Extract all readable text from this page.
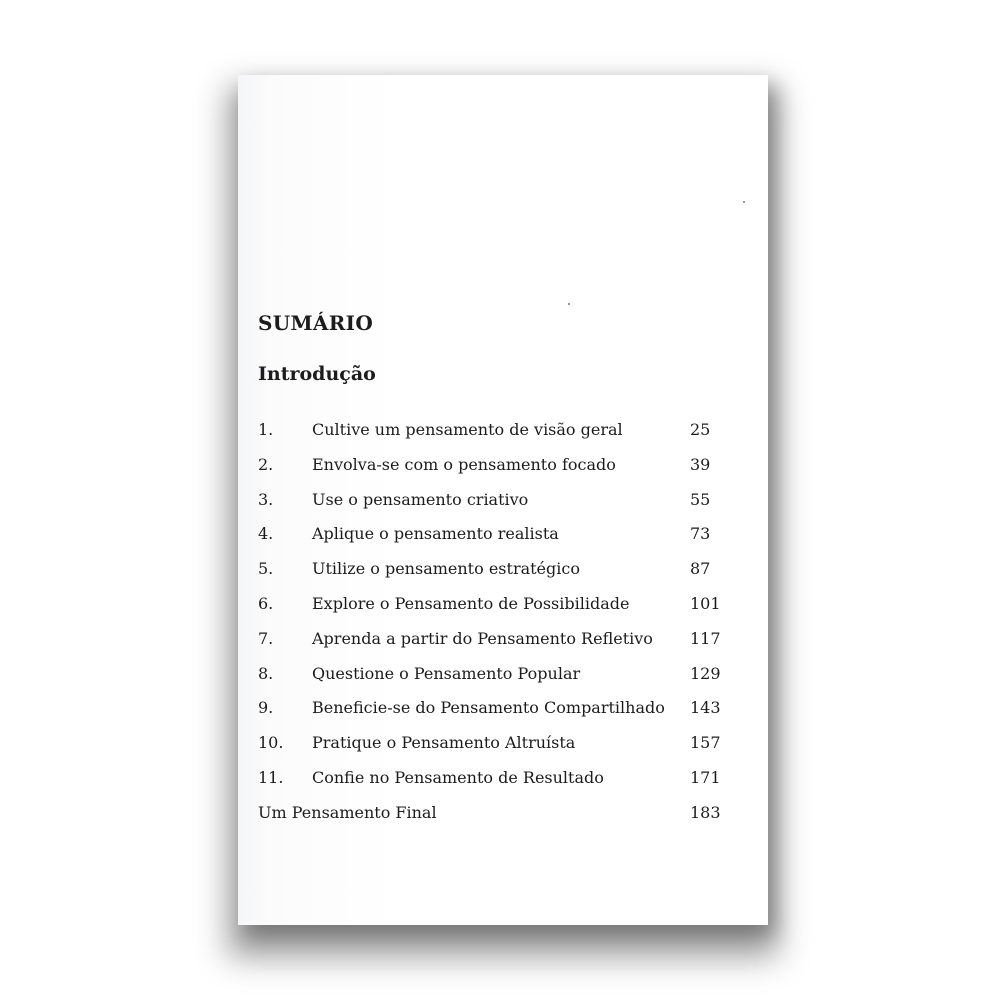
SUMÁRIO
Introdução
1. Cultive um pensamento de visão geral	25
2. Envolva-se com o pensamento focado	39
3. Use o pensamento criativo	55
4. Aplique o pensamento realista	73
5. Utilize o pensamento estratégico	87
6. Explore o Pensamento de Possibilidade	101
7. Aprenda a partir do Pensamento Refletivo 117
8. Questione o Pensamento Popular	129
9. Beneficie-se do Pensamento Compartilhado 143
10. Pratique o Pensamento Altruísta	157
11. Confie no Pensamento de Resultado	171
Um Pensamento Final	183
